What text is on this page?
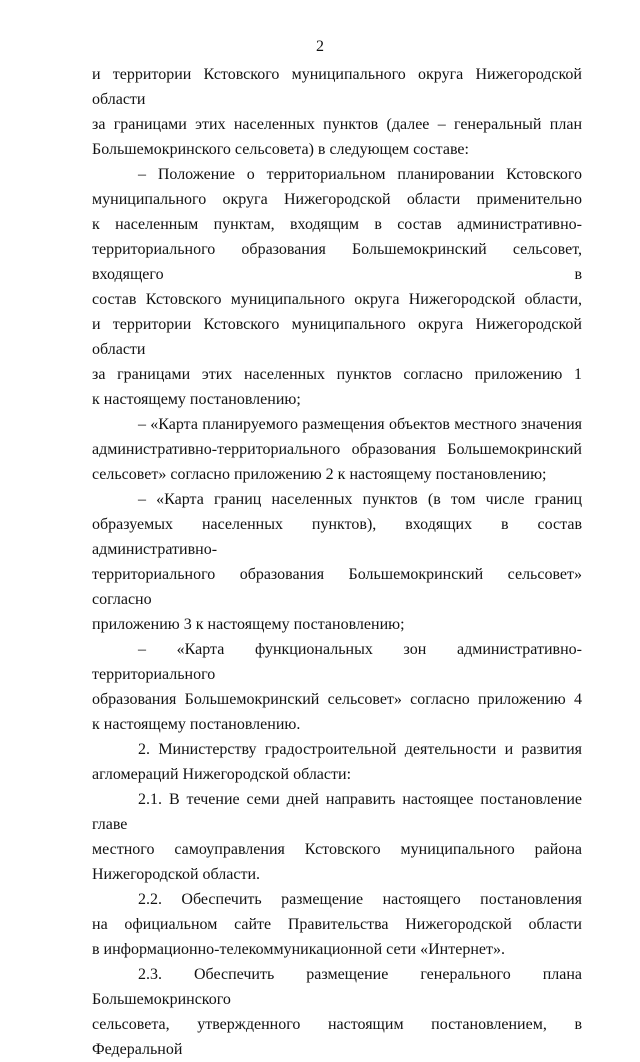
2

и территории Кстовского муниципального округа Нижегородской области

за границами этих населенных пунктов (далее – генеральный план

Большемокринского сельсовета) в следующем составе:

– Положение о территориальном планировании Кстовского

муниципального округа Нижегородской области применительно

к населенным пунктам, входящим в состав административно-

территориального образования Большемокринский сельсовет, входящего в

состав Кстовского муниципального округа Нижегородской области,

и территории Кстовского муниципального округа Нижегородской области

за границами этих населенных пунктов согласно приложению 1

к настоящему постановлению;

– «Карта планируемого размещения объектов местного значения

административно-территориального образования Большемокринский

сельсовет» согласно приложению 2 к настоящему постановлению;

– «Карта границ населенных пунктов (в том числе границ

образуемых населенных пунктов), входящих в состав административно-

территориального образования Большемокринский сельсовет» согласно

приложению 3 к настоящему постановлению;

– «Карта функциональных зон административно-территориального

образования Большемокринский сельсовет» согласно приложению 4

к настоящему постановлению.

2. Министерству градостроительной деятельности и развития

агломераций Нижегородской области:

2.1. В течение семи дней направить настоящее постановление главе

местного самоуправления Кстовского муниципального района

Нижегородской области.

2.2. Обеспечить размещение настоящего постановления

на официальном сайте Правительства Нижегородской области

в информационно-телекоммуникационной сети «Интернет».

2.3. Обеспечить размещение генерального плана Большемокринского

сельсовета, утвержденного настоящим постановлением, в Федеральной
